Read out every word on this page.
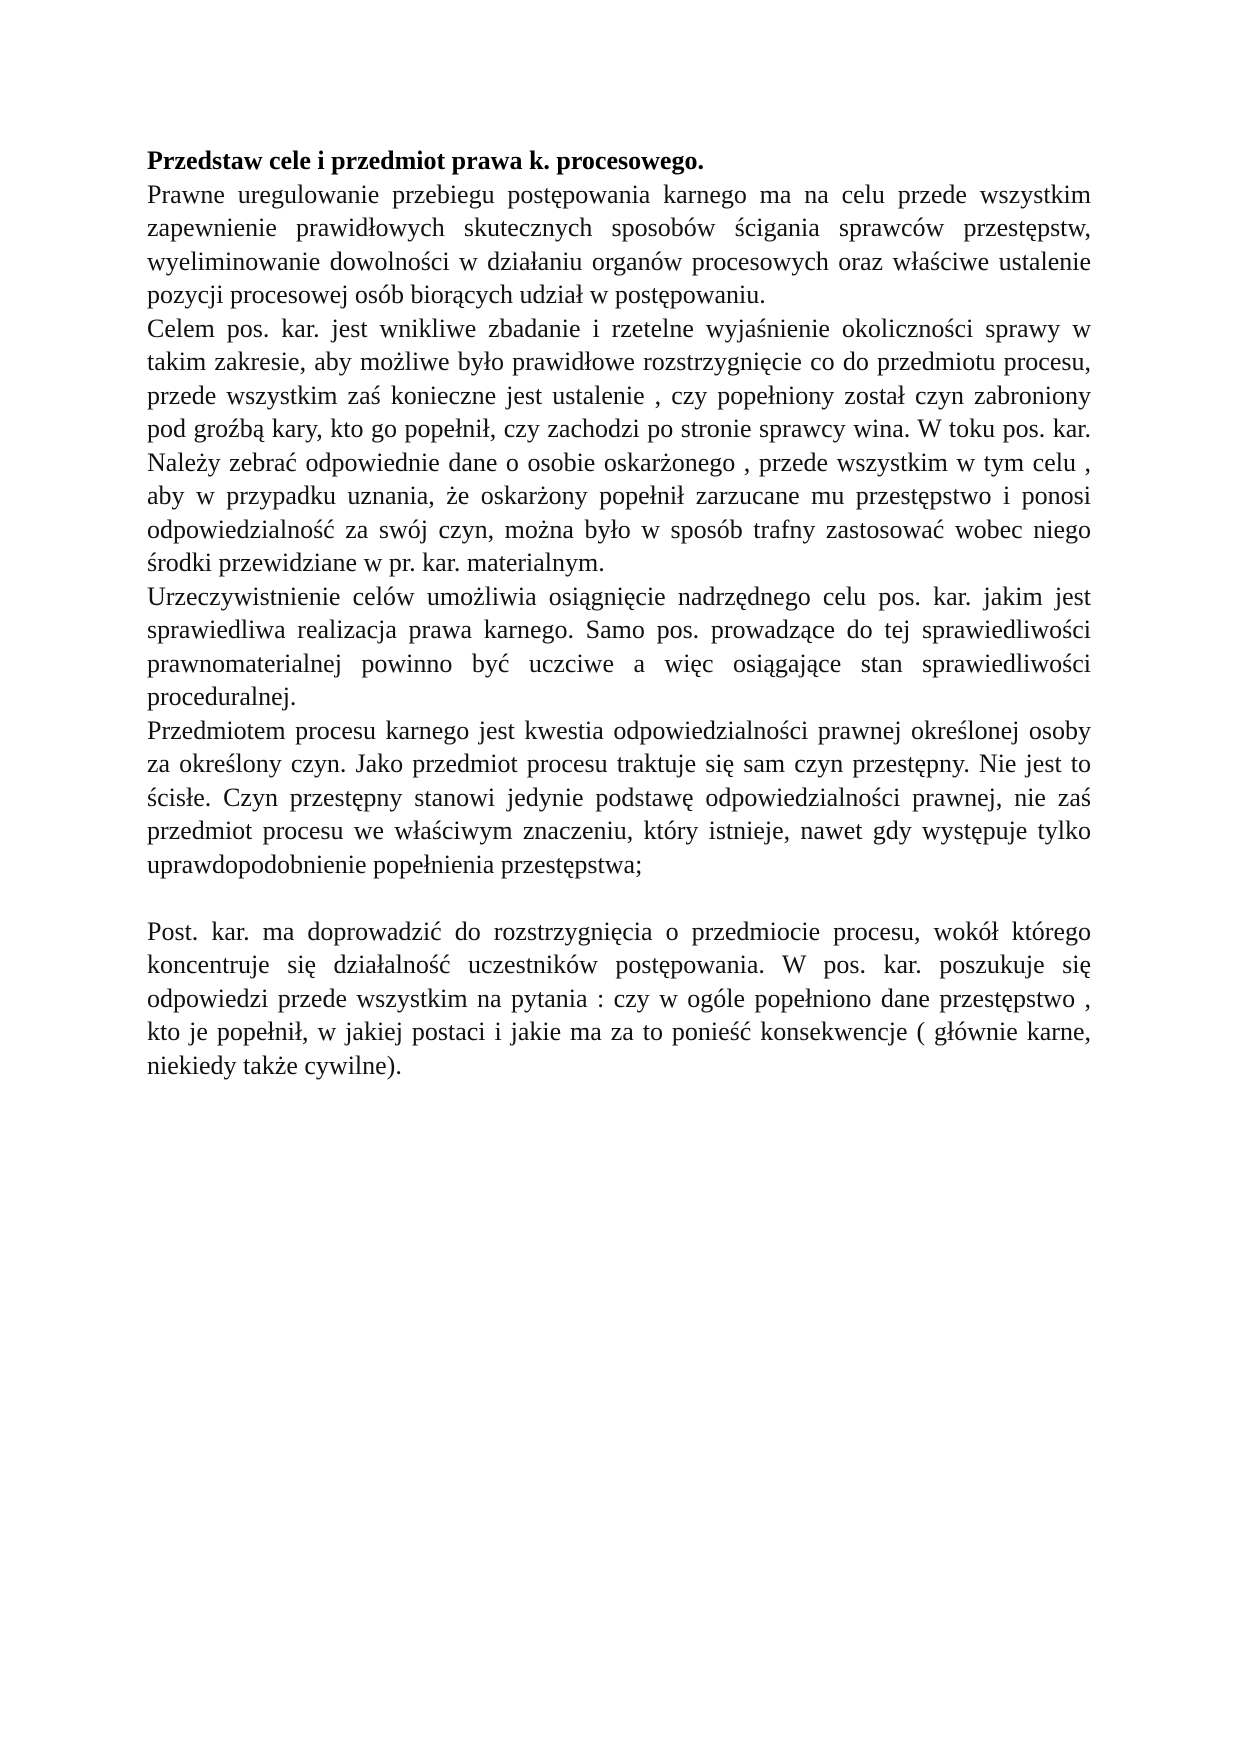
Przedstaw cele i przedmiot prawa k. procesowego.

Prawne uregulowanie przebiegu postępowania karnego ma na celu przede wszystkim zapewnienie prawidłowych skutecznych sposobów ścigania sprawców przestępstw, wyeliminowanie dowolności w działaniu organów procesowych oraz właściwe ustalenie pozycji procesowej osób biorących udział w postępowaniu.

Celem pos. kar. jest wnikliwe zbadanie i rzetelne wyjaśnienie okoliczności sprawy w takim zakresie, aby możliwe było prawidłowe rozstrzygnięcie co do przedmiotu procesu, przede wszystkim zaś konieczne jest ustalenie , czy popełniony został czyn zabroniony pod groźbą kary, kto go popełnił, czy zachodzi po stronie sprawcy wina. W toku pos. kar. Należy zebrać odpowiednie dane o osobie oskarżonego , przede wszystkim w tym celu , aby w przypadku uznania, że oskarżony popełnił zarzucane mu przestępstwo i ponosi odpowiedzialność za swój czyn, można było w sposób trafny zastosować wobec niego środki przewidziane w pr. kar. materialnym.

Urzeczywistnienie celów umożliwia osiągnięcie nadrzędnego celu pos. kar. jakim jest sprawiedliwa realizacja prawa karnego. Samo pos. prowadzące do tej sprawiedliwości prawnomaterialnej powinno być uczciwe a więc osiągające stan sprawiedliwości proceduralnej.

Przedmiotem procesu karnego jest kwestia odpowiedzialności prawnej określonej osoby za określony czyn. Jako przedmiot procesu traktuje się sam czyn przestępny. Nie jest to ścisłe. Czyn przestępny stanowi jedynie podstawę odpowiedzialności prawnej, nie zaś przedmiot procesu we właściwym znaczeniu, który istnieje, nawet gdy występuje tylko uprawdopodobnienie popełnienia przestępstwa;

Post. kar. ma doprowadzić do rozstrzygnięcia o przedmiocie procesu, wokół którego koncentruje się działalność uczestników postępowania. W pos. kar. poszukuje się odpowiedzi przede wszystkim na pytania : czy w ogóle popełniono dane przestępstwo , kto je popełnił, w jakiej postaci i jakie ma za to ponieść konsekwencje ( głównie karne, niekiedy także cywilne).
